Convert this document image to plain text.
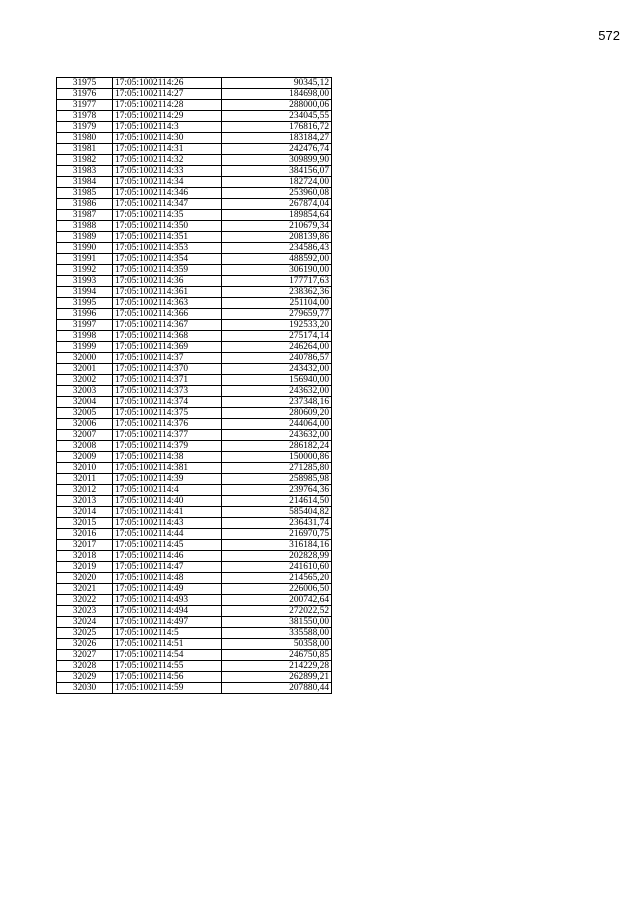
572
31975	17:05:1002114:26	90345,12
31976	17:05:1002114:27	184698,00
31977	17:05:1002114:28	288000,06
31978	17:05:1002114:29	234045,55
31979	17:05:1002114:3	176816,72
31980	17:05:1002114:30	183184,27
31981	17:05:1002114:31	242476,74
31982	17:05:1002114:32	309899,90
31983	17:05:1002114:33	384156,07
31984	17:05:1002114:34	182724,00
31985	17:05:1002114:346	253960,08
31986	17:05:1002114:347	267874,04
31987	17:05:1002114:35	189854,64
31988	17:05:1002114:350	210679,34
31989	17:05:1002114:351	208139,86
31990	17:05:1002114:353	234586,43
31991	17:05:1002114:354	488592,00
31992	17:05:1002114:359	306190,00
31993	17:05:1002114:36	177717,63
31994	17:05:1002114:361	238362,36
31995	17:05:1002114:363	251104,00
31996	17:05:1002114:366	279659,77
31997	17:05:1002114:367	192533,20
31998	17:05:1002114:368	275174,14
31999	17:05:1002114:369	246264,00
32000	17:05:1002114:37	240786,57
32001	17:05:1002114:370	243432,00
32002	17:05:1002114:371	156940,00
32003	17:05:1002114:373	243632,00
32004	17:05:1002114:374	237348,16
32005	17:05:1002114:375	280609,20
32006	17:05:1002114:376	244064,00
32007	17:05:1002114:377	243632,00
32008	17:05:1002114:379	286182,24
32009	17:05:1002114:38	150000,86
32010	17:05:1002114:381	271285,80
32011	17:05:1002114:39	258985,98
32012	17:05:1002114:4	239764,36
32013	17:05:1002114:40	214614,50
32014	17:05:1002114:41	585404,82
32015	17:05:1002114:43	236431,74
32016	17:05:1002114:44	216970,75
32017	17:05:1002114:45	316184,16
32018	17:05:1002114:46	202828,99
32019	17:05:1002114:47	241610,60
32020	17:05:1002114:48	214565,20
32021	17:05:1002114:49	226006,50
32022	17:05:1002114:493	200742,64
32023	17:05:1002114:494	272022,52
32024	17:05:1002114:497	381550,00
32025	17:05:1002114:5	335588,00
32026	17:05:1002114:51	50358,00
32027	17:05:1002114:54	246750,85
32028	17:05:1002114:55	214229,28
32029	17:05:1002114:56	262899,21
32030	17:05:1002114:59	207880,44
